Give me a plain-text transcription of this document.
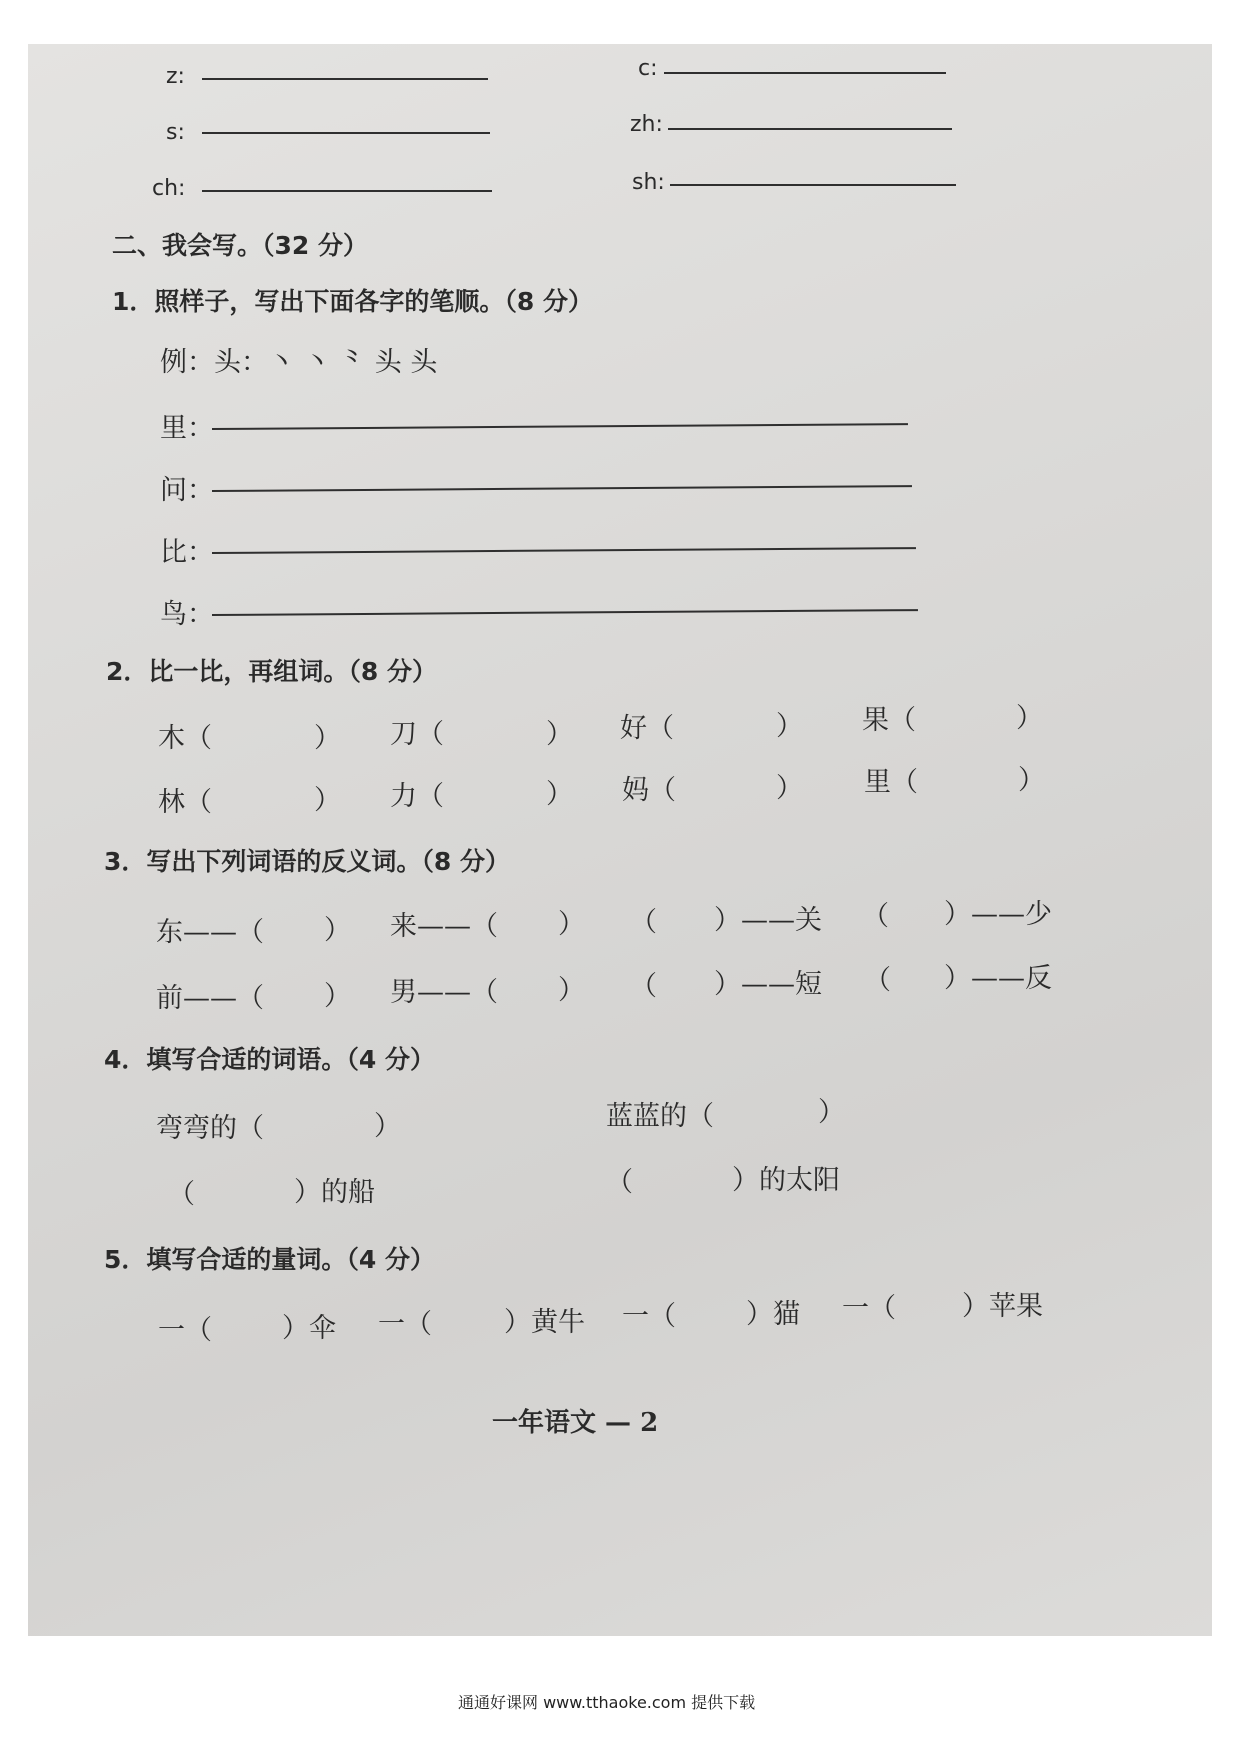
z:	c:
s:	zh:
ch:	sh:
二、我会写。（32 分）
1．照样子，写出下面各字的笔顺。（8 分）
例：头：丶 丶 ⺀ 头 头
里：
问：
比：
鸟：
2．比一比，再组词。（8 分）
木（	） 刀（	） 好（	） 果（	）
林（	） 力（	） 妈（	） 里（	）
3．写出下列词语的反义词。（8 分）
东——（ ） 来——（ ） （ ）——关 （ ）——少
前——（ ） 男——（ ） （ ）——短 （ ）——反
4．填写合适的词语。（4 分）
弯弯的（	）	蓝蓝的（	）
（	）的船	（	）的太阳
5．填写合适的量词。（4 分）
一（	）伞 一（	）黄牛 一（	）猫 一（ ）苹果
一年语文 — 2
通通好课网 www.tthaoke.com 提供下载
